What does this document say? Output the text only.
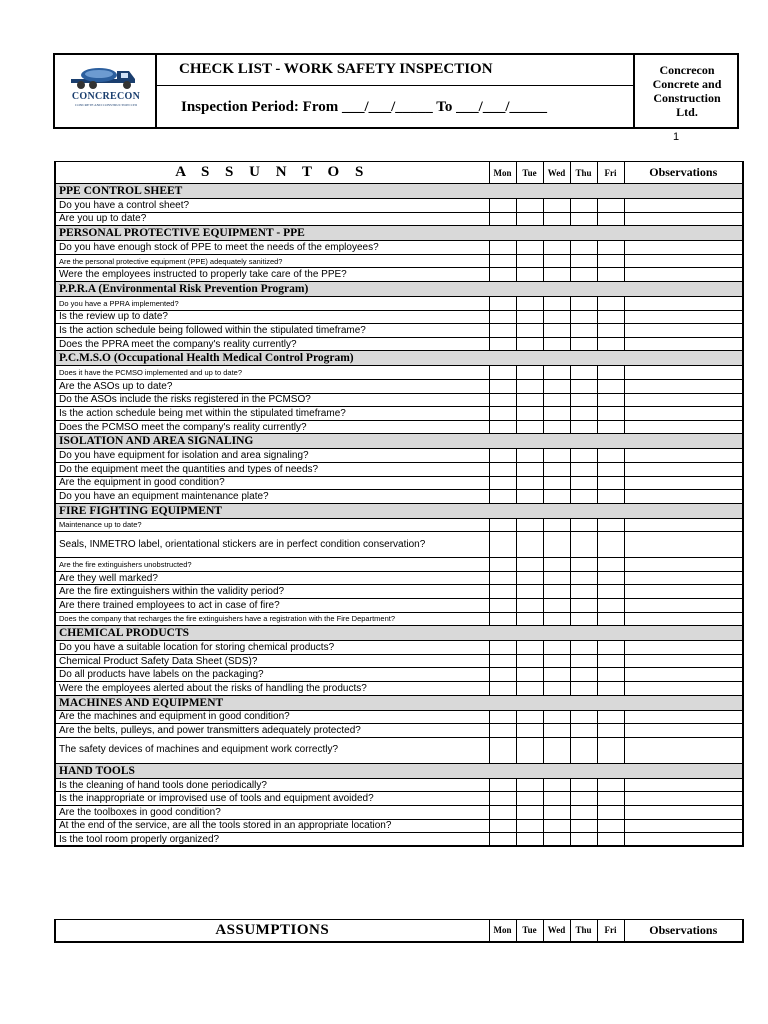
CONCRECON
CONCRETE AND CONSTRUCTION LTD
CHECK LIST - WORK SAFETY INSPECTION
Inspection Period: From ___/___/_____ To ___/___/_____
Concrecon
Concrete and
Construction
Ltd.
1
A S S U N T O S	Mon	Tue	Wed	Thu	Fri	Observations
PPE CONTROL SHEET						
Do you have a control sheet?						
Are you up to date?						
PERSONAL PROTECTIVE EQUIPMENT - PPE						
Do you have enough stock of PPE to meet the needs of the employees?						
Are the personal protective equipment (PPE) adequately sanitized?						
Were the employees instructed to properly take care of the PPE?						
P.P.R.A (Environmental Risk Prevention Program)						
Do you have a PPRA implemented?						
Is the review up to date?						
Is the action schedule being followed within the stipulated timeframe?						
Does the PPRA meet the company's reality currently?						
P.C.M.S.O (Occupational Health Medical Control Program)						
Does it have the PCMSO implemented and up to date?						
Are the ASOs up to date?						
Do the ASOs include the risks registered in the PCMSO?						
Is the action schedule being met within the stipulated timeframe?						
Does the PCMSO meet the company's reality currently?						
ISOLATION AND AREA SIGNALING						
Do you have equipment for isolation and area signaling?						
Do the equipment meet the quantities and types of needs?						
Are the equipment in good condition?						
Do you have an equipment maintenance plate?						
FIRE FIGHTING EQUIPMENT						
Maintenance up to date?						
Seals, INMETRO label, orientational stickers are in perfect condition conservation?						
Are the fire extinguishers unobstructed?						
Are they well marked?						
Are the fire extinguishers within the validity period?						
Are there trained employees to act in case of fire?						
Does the company that recharges the fire extinguishers have a registration with the Fire Department?						
CHEMICAL PRODUCTS						
Do you have a suitable location for storing chemical products?						
Chemical Product Safety Data Sheet (SDS)?						
Do all products have labels on the packaging?						
Were the employees alerted about the risks of handling the products?						
MACHINES AND EQUIPMENT						
Are the machines and equipment in good condition?						
Are the belts, pulleys, and power transmitters adequately protected?						
The safety devices of machines and equipment work correctly?						
HAND TOOLS						
Is the cleaning of hand tools done periodically?						
Is the inappropriate or improvised use of tools and equipment avoided?						
Are the toolboxes in good condition?						
At the end of the service, are all the tools stored in an appropriate location?						
Is the tool room properly organized?						
ASSUMPTIONS	Mon	Tue	Wed	Thu	Fri	Observations
